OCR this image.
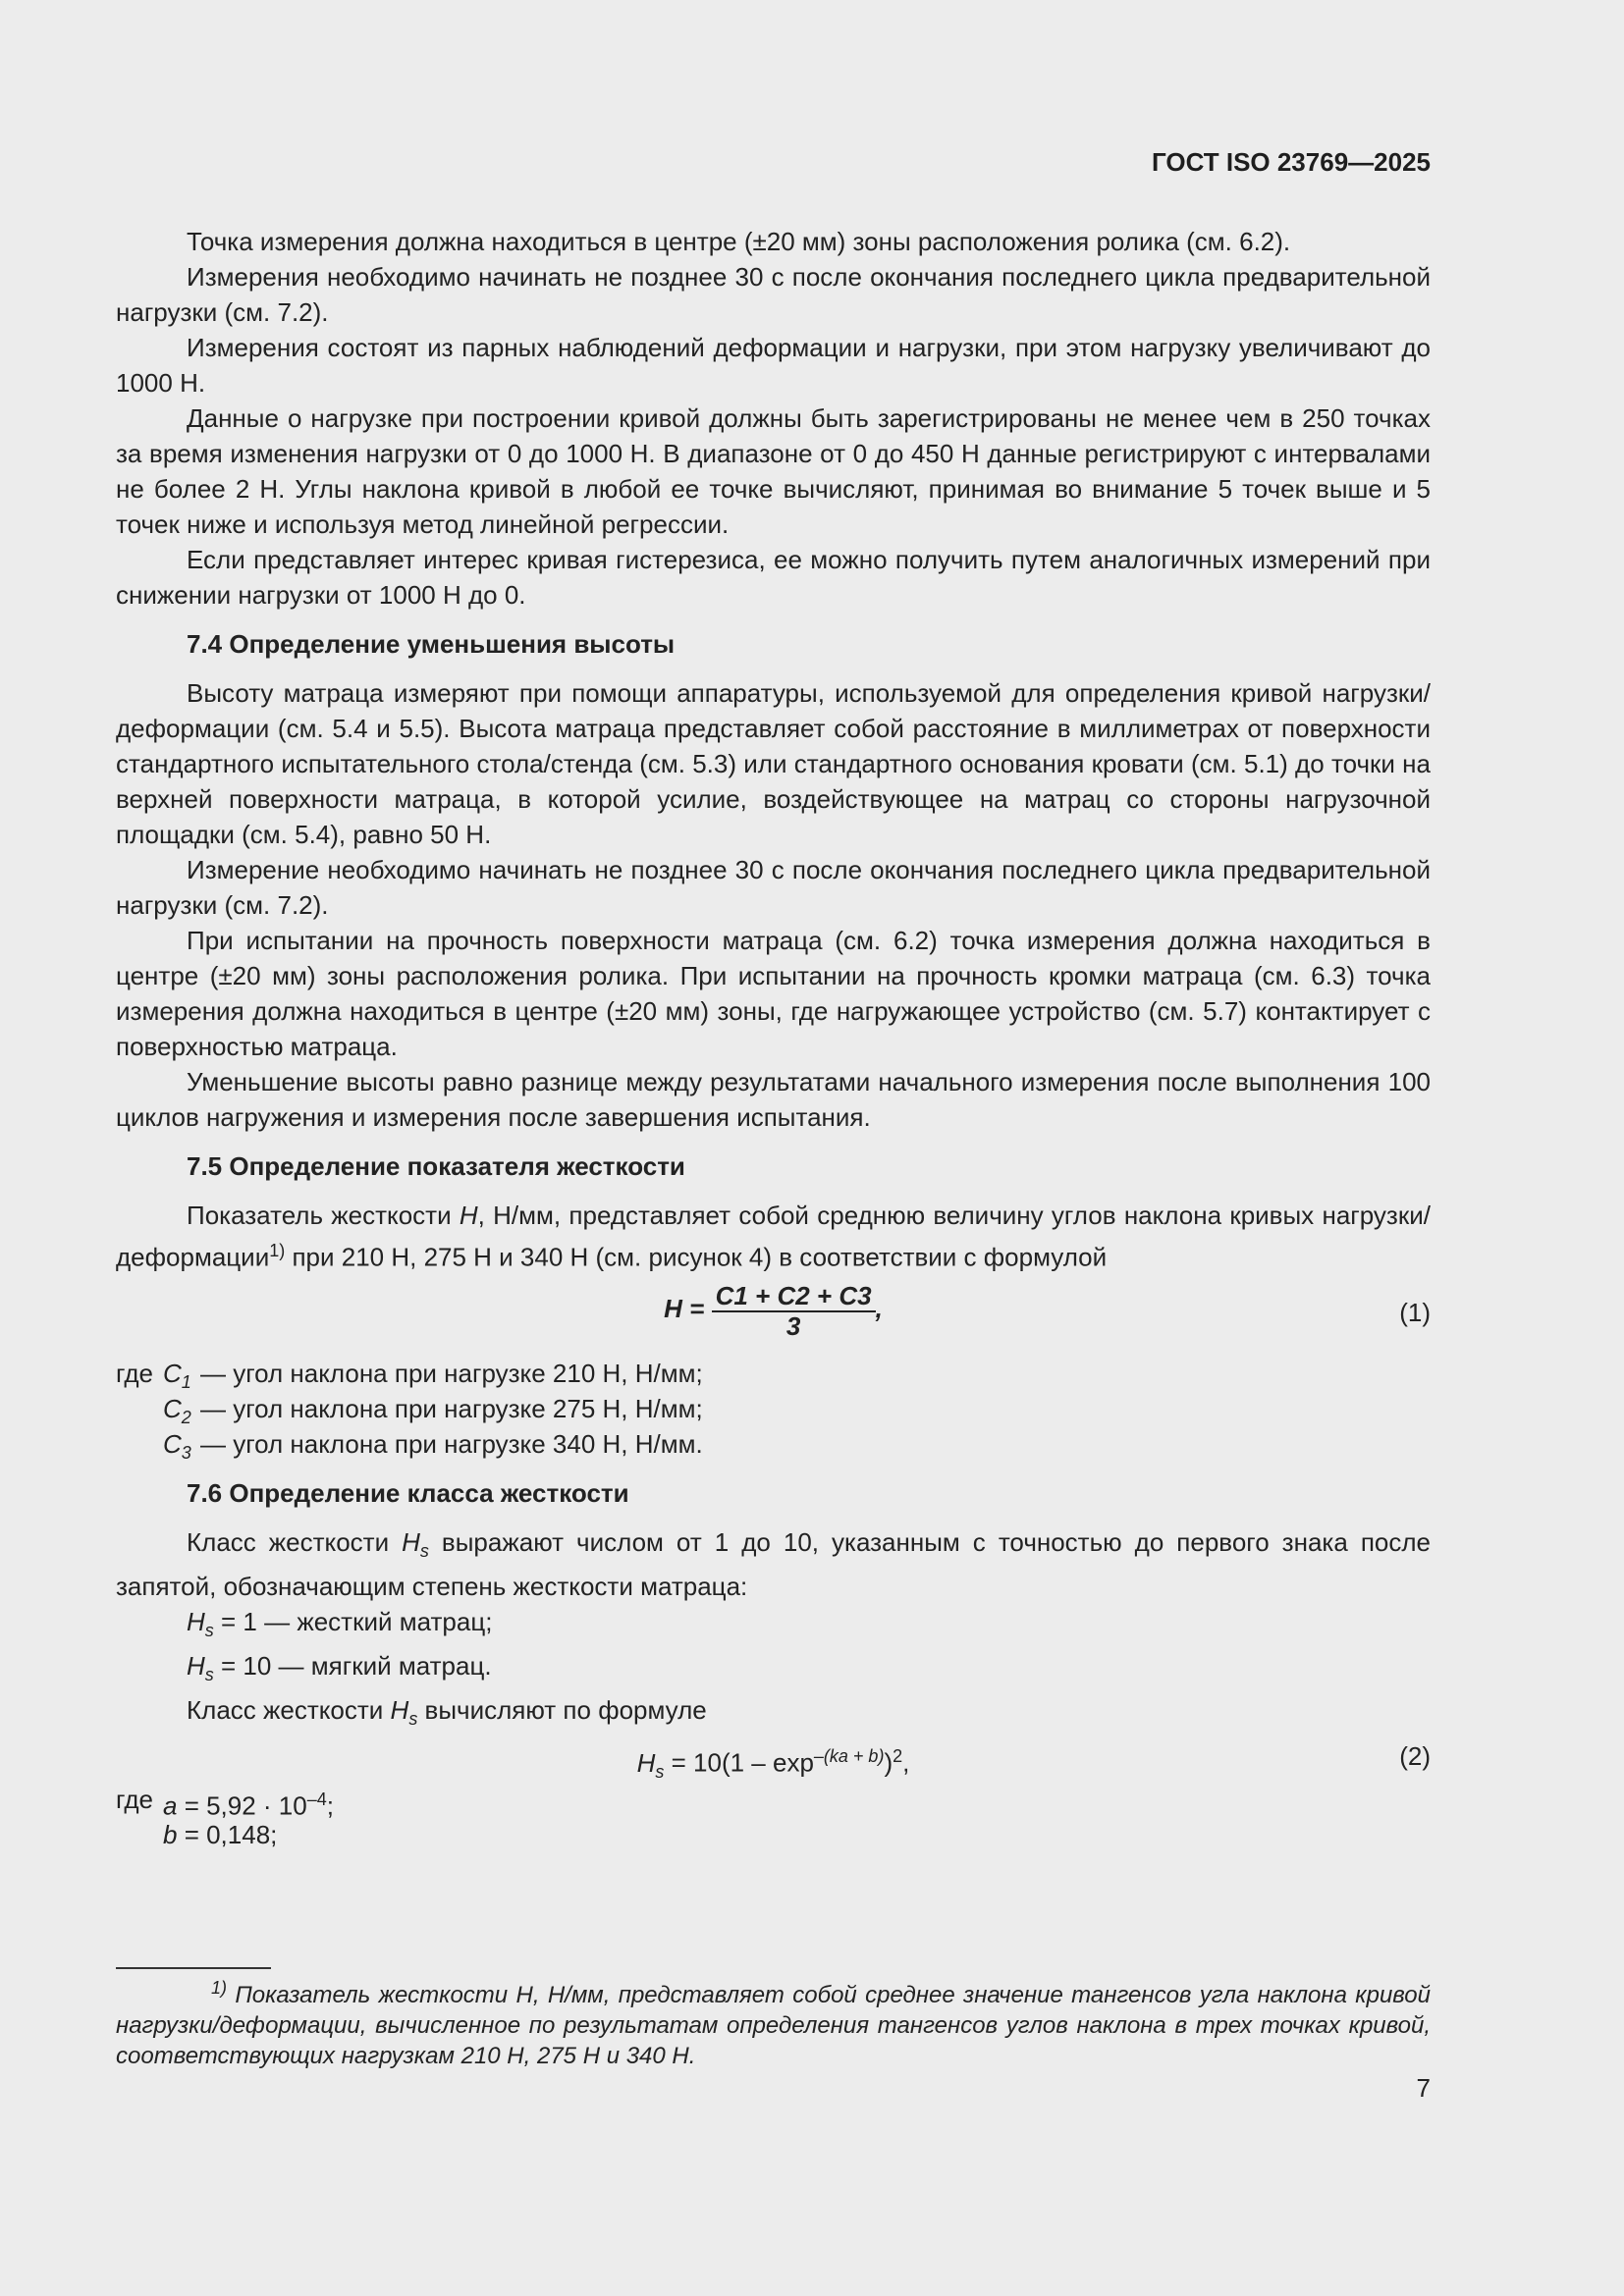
ГОСТ ISO 23769—2025

Точка измерения должна находиться в центре (±20 мм) зоны расположения ролика (см. 6.2).

Измерения необходимо начинать не позднее 30 с после окончания последнего цикла предварительной нагрузки (см. 7.2).

Измерения состоят из парных наблюдений деформации и нагрузки, при этом нагрузку увеличивают до 1000 Н.

Данные о нагрузке при построении кривой должны быть зарегистрированы не менее чем в 250 точках за время изменения нагрузки от 0 до 1000 Н. В диапазоне от 0 до 450 Н данные регистрируют с интервалами не более 2 Н. Углы наклона кривой в любой ее точке вычисляют, принимая во внимание 5 точек выше и 5 точек ниже и используя метод линейной регрессии.

Если представляет интерес кривая гистерезиса, ее можно получить путем аналогичных измерений при снижении нагрузки от 1000 Н до 0.

7.4 Определение уменьшения высоты

Высоту матраца измеряют при помощи аппаратуры, используемой для определения кривой нагрузки/деформации (см. 5.4 и 5.5). Высота матраца представляет собой расстояние в миллиметрах от поверхности стандартного испытательного стола/стенда (см. 5.3) или стандартного основания кровати (см. 5.1) до точки на верхней поверхности матраца, в которой усилие, воздействующее на матрац со стороны нагрузочной площадки (см. 5.4), равно 50 Н.

Измерение необходимо начинать не позднее 30 с после окончания последнего цикла предварительной нагрузки (см. 7.2).

При испытании на прочность поверхности матраца (см. 6.2) точка измерения должна находиться в центре (±20 мм) зоны расположения ролика. При испытании на прочность кромки матраца (см. 6.3) точка измерения должна находиться в центре (±20 мм) зоны, где нагружающее устройство (см. 5.7) контактирует с поверхностью матраца.

Уменьшение высоты равно разнице между результатами начального измерения после выполнения 100 циклов нагружения и измерения после завершения испытания.

7.5 Определение показателя жесткости

Показатель жесткости H, Н/мм, представляет собой среднюю величину углов наклона кривых нагрузки/деформации$^{1)}$ при 210 Н, 275 Н и 340 Н (см. рисунок 4) в соответствии с формулой

$H = \frac{C1 + C2 + C3}{3}$ ,	(1)
где $C_1$ — угол наклона при нагрузке 210 Н, Н/мм;
$C_2$ — угол наклона при нагрузке 275 Н, Н/мм;
$C_3$ — угол наклона при нагрузке 340 Н, Н/мм.
7.6 Определение класса жесткости

Класс жесткости $H_s$ выражают числом от 1 до 10, указанным с точностью до первого знака после запятой, обозначающим степень жесткости матраца:

$H_s = 1$ — жесткий матрац;

$H_s = 10$ — мягкий матрац.

Класс жесткости $H_s$ вычисляют по формуле

$H_s = 10(1 - \exp^{-(ka + b)})^2$,	(2)
где $a = 5,92 \cdot 10^{-4}$;
b = 0,148;
$^{1)}$ Показатель жесткости Н, Н/мм, представляет собой среднее значение тангенсов угла наклона кривой нагрузки/деформации, вычисленное по результатам определения тангенсов углов наклона в трех точках кривой, соответствующих нагрузкам 210 Н, 275 Н и 340 Н.
7
